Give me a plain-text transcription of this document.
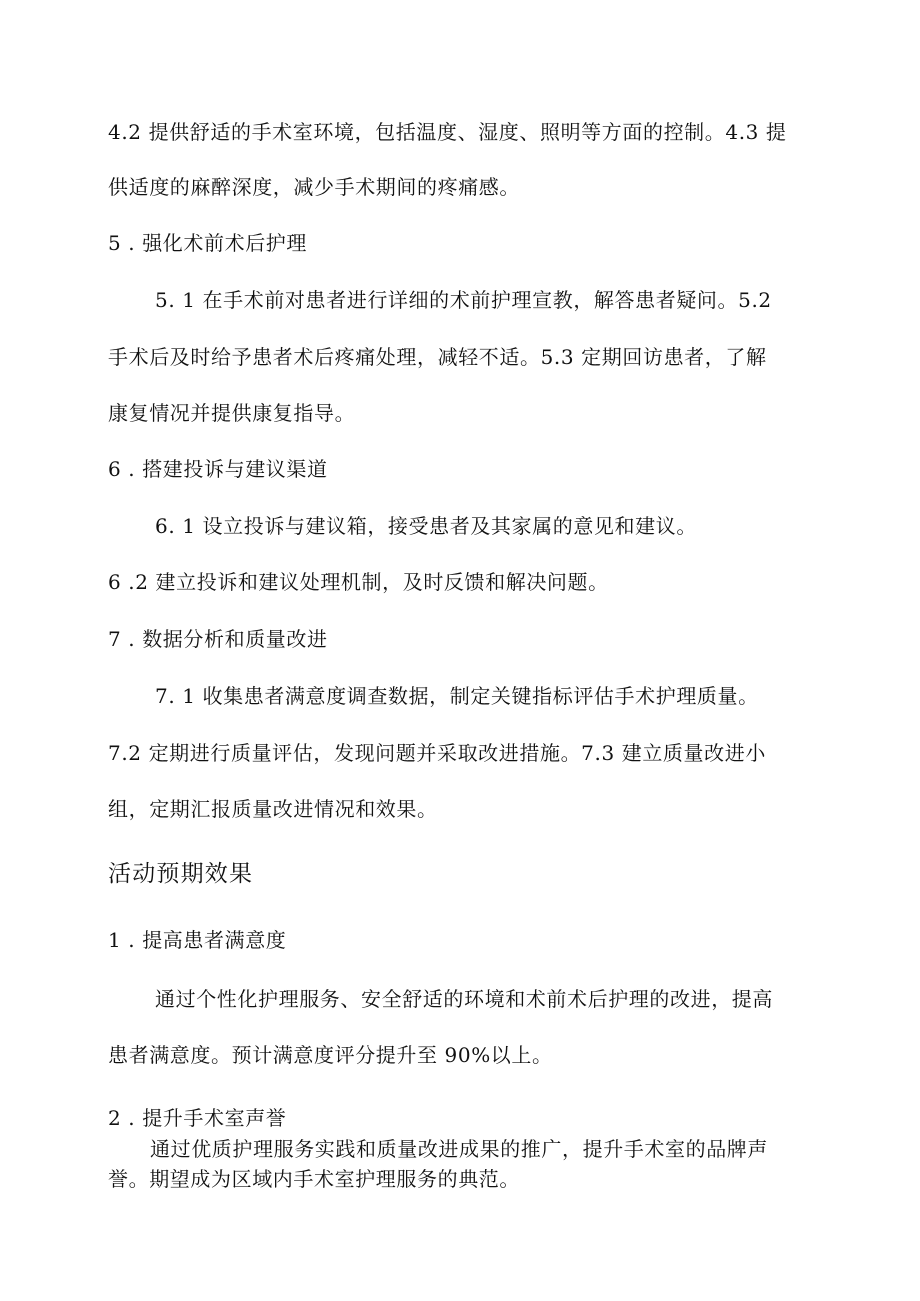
4.2 提供舒适的手术室环境，包括温度、湿度、照明等方面的控制。4.3 提
供适度的麻醉深度，减少手术期间的疼痛感。
5 . 强化术前术后护理
5. 1 在手术前对患者进行详细的术前护理宣教，解答患者疑问。5.2
手术后及时给予患者术后疼痛处理，减轻不适。5.3 定期回访患者，了解
康复情况并提供康复指导。
6 . 搭建投诉与建议渠道
6. 1 设立投诉与建议箱，接受患者及其家属的意见和建议。
6 .2 建立投诉和建议处理机制，及时反馈和解决问题。
7 . 数据分析和质量改进
7. 1 收集患者满意度调查数据，制定关键指标评估手术护理质量。
7.2 定期进行质量评估，发现问题并采取改进措施。7.3 建立质量改进小
组，定期汇报质量改进情况和效果。
活动预期效果
1 . 提高患者满意度
通过个性化护理服务、安全舒适的环境和术前术后护理的改进，提高
患者满意度。预计满意度评分提升至 90%以上。
2 . 提升手术室声誉
通过优质护理服务实践和质量改进成果的推广，提升手术室的品牌声
誉。期望成为区域内手术室护理服务的典范。
